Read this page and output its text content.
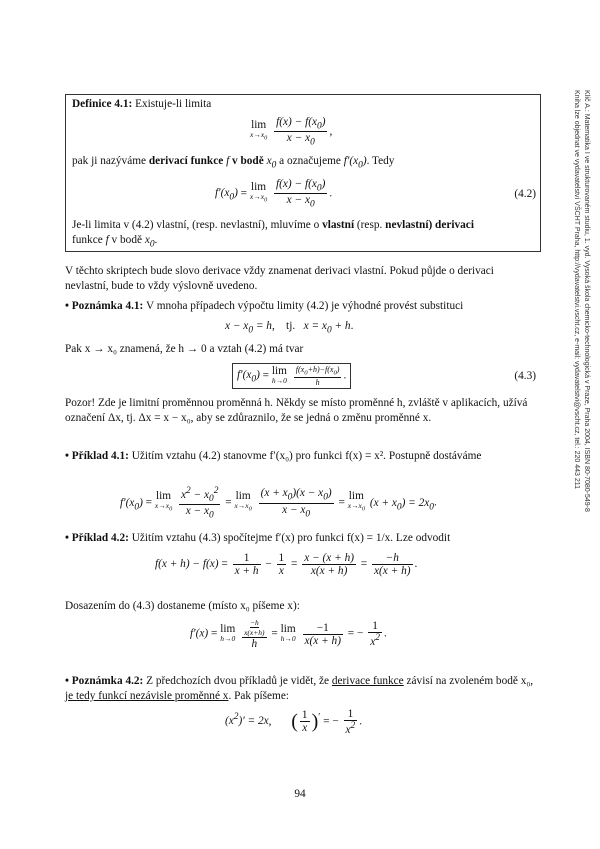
Klíč A.: Matematika I ve strukturovaném studiu, 1. vyd. Vysoká škola chemicko-technologická v Praze, Praha 2004, ISBN 80-7080-549-8
Kniha lze objednat ve vydavatelství VŠCHT Praha, http://vydavatelstvi.vscht.cz, e-mail: vydavatelstvi@vscht.cz, tel.: 220 443 211
Definice 4.1: Existuje-li limita
lim
$x\to x_0$
$\frac{f(x) - f(x_0)}{x - x_0}$ ,
pak ji nazýváme derivací funkce f v bodě $x_0$ a označujeme $f'(x_0)$. Tedy
$f'(x_0)$ =
lim
$x\to x_0$
$\frac{f(x) - f(x_0)}{x - x_0}$ .	(4.2)
Je-li limita v (4.2) vlastní, (resp. nevlastní), mluvíme o vlastní (resp. nevlastní) derivaci
funkce f v bodě $x_0$.
V těchto skriptech bude slovo derivace vždy znamenat derivaci vlastní. Pokud půjde o derivaci nevlastní, bude to vždy výslovně uvedeno.
• Poznámka 4.1: V mnoha případech výpočtu limity (4.2) je výhodné provést substituci
$x - x_0 = h$,    tj.   $x = x_0 + h$.
Pak x → x₀ znamená, že h → 0 a vztah (4.2) má tvar
$f'(x_0) = \lim$
h→0
$\frac{f(x_0+h)-f(x_0)}{h}$ .	(4.3)
Pozor! Zde je limitní proměnnou proměnná h. Někdy se místo proměnné h, zvláště v aplikacích, užívá označení Δx, tj. Δx = x − x₀, aby se zdůraznilo, že se jedná o změnu proměnné x.
• Příklad 4.1: Užitím vztahu (4.2) stanovme f′(x₀) pro funkci f(x) = x². Postupně dostáváme
$f'(x_0)$ =
lim
$x\to x_0$
$\frac{x^2 - x_0^2}{x - x_0}$ =
lim
$x\to x_0$
$\frac{(x + x_0)(x - x_0)}{x - x_0}$ =
lim
$x\to x_0$
$(x + x_0) = 2x_0$.
• Příklad 4.2: Užitím vztahu (4.3) spočítejme f′(x) pro funkci f(x) = 1/x. Lze odvodit
$f(x + h) - f(x) = \frac{1}{x + h} - \frac{1}{x} = \frac{x - (x + h)}{x(x + h)} = \frac{-h}{x(x + h)}$ .
Dosazením do (4.3) dostaneme (místo x₀ píšeme x):
f′(x) = lim
h→0

−h
x(x+h)
h
= lim
h→0
$\frac{-1}{x(x + h)}$ = − $\frac{1}{x^2}$ .
• Poznámka 4.2: Z předchozích dvou příkladů je vidět, že derivace funkce závisí na zvoleném bodě x₀, je tedy funkcí nezávisle proměnné x. Pak píšeme:
$(x^2)' = 2x$,       ( $\frac{1}{x} )'$ = − $\frac{1}{x^2}$ .
94
